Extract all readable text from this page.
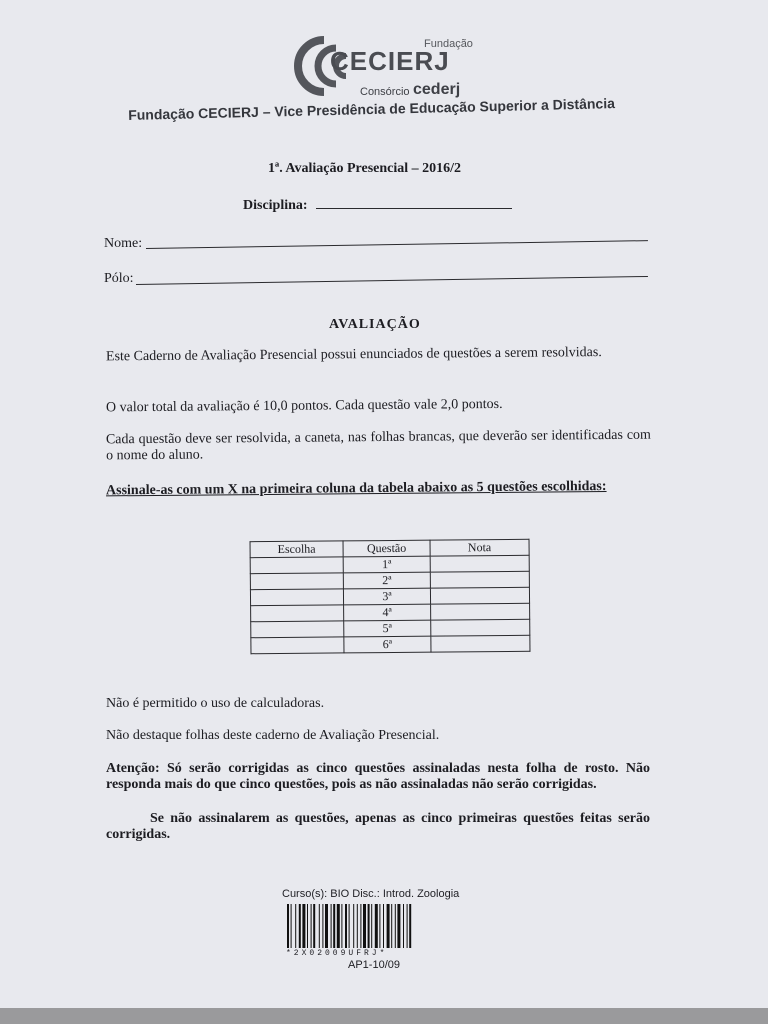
Fundação
CECIERJ
Consórcio cederj
Fundação CECIERJ – Vice Presidência de Educação Superior a Distância
1ª. Avaliação Presencial – 2016/2
Disciplina:
Nome:
Pólo:
AVALIAÇÃO
Este Caderno de Avaliação Presencial possui enunciados de questões a serem resolvidas.
O valor total da avaliação é 10,0 pontos. Cada questão vale 2,0 pontos.
Cada questão deve ser resolvida, a caneta, nas folhas brancas, que deverão ser identificadas com o nome do aluno.
Assinale-as com um X na primeira coluna da tabela abaixo as 5 questões escolhidas:
Escolha	Questão	Nota
	1ª	
	2ª	
	3ª	
	4ª	
	5ª	
	6ª	
Não é permitido o uso de calculadoras.
Não destaque folhas deste caderno de Avaliação Presencial.
Atenção: Só serão corrigidas as cinco questões assinaladas nesta folha de rosto. Não responda mais do que cinco questões, pois as não assinaladas não serão corrigidas.
Se não assinalarem as questões, apenas as cinco primeiras questões feitas serão corrigidas.
Curso(s): BIO Disc.: Introd. Zoologia
*2X02009UFRJ*
AP1-10/09
